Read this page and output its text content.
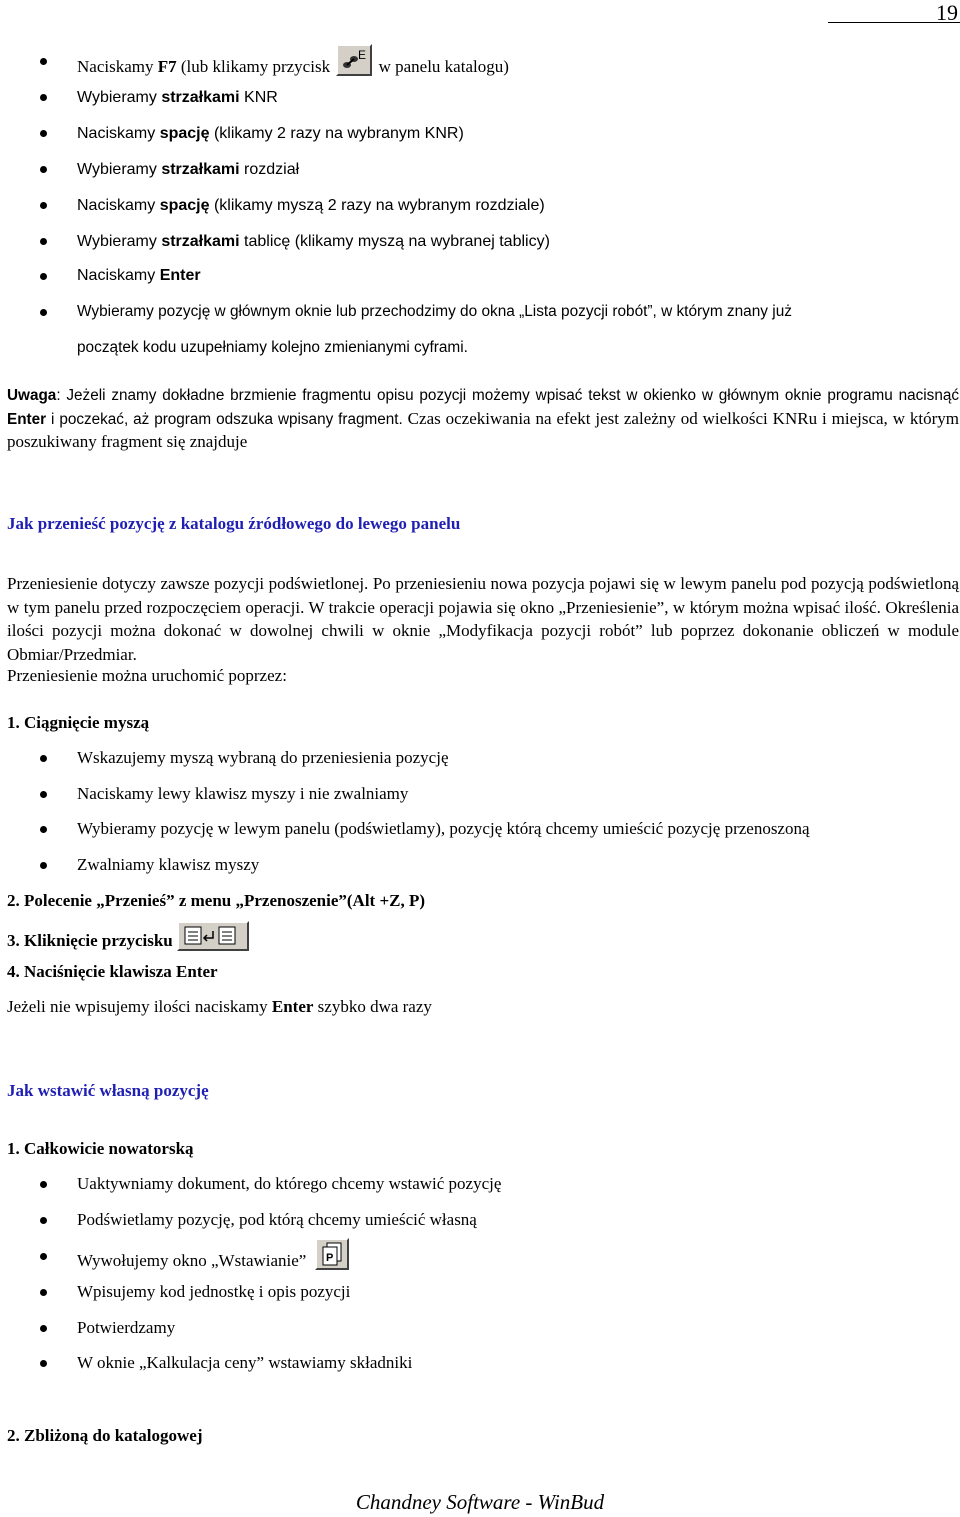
19
Naciskamy F7 (lub klikamy przycisk
E
w panelu katalogu)
Wybieramy strzałkami KNR
Naciskamy spację (klikamy 2 razy na wybranym KNR)
Wybieramy strzałkami rozdział
Naciskamy spację (klikamy myszą 2 razy na wybranym rozdziale)
Wybieramy strzałkami tablicę (klikamy myszą na wybranej tablicy)
Naciskamy Enter
Wybieramy pozycję w głównym oknie lub przechodzimy do okna „Lista pozycji robót”, w którym znany już
początek kodu uzupełniamy kolejno zmienianymi cyframi.
Uwaga: Jeżeli znamy dokładne brzmienie fragmentu opisu pozycji możemy wpisać tekst w okienko w głównym oknie programu nacisnąć Enter i poczekać, aż program odszuka wpisany fragment. Czas oczekiwania na efekt jest zależny od wielkości KNRu i miejsca, w którym poszukiwany fragment się znajduje
Jak przenieść pozycję z katalogu źródłowego do lewego panelu
Przeniesienie dotyczy zawsze pozycji podświetlonej. Po przeniesieniu nowa pozycja pojawi się w lewym panelu pod pozycją podświetloną w tym panelu przed rozpoczęciem operacji. W trakcie operacji pojawia się okno „Przeniesienie”, w którym można wpisać ilość. Określenia ilości pozycji można dokonać w dowolnej chwili w oknie „Modyfikacja pozycji robót” lub poprzez dokonanie obliczeń w module Obmiar/Przedmiar.
Przeniesienie można uruchomić poprzez:
1. Ciągnięcie myszą
Wskazujemy myszą wybraną do przeniesienia pozycję
Naciskamy lewy klawisz myszy i nie zwalniamy
Wybieramy pozycję w lewym panelu (podświetlamy), pozycję którą chcemy umieścić pozycję przenoszoną
Zwalniamy klawisz myszy
2. Polecenie „Przenieś” z menu „Przenoszenie”(Alt +Z, P)
3. Kliknięcie przycisku
4. Naciśnięcie klawisza Enter
Jeżeli nie wpisujemy ilości naciskamy Enter szybko dwa razy
Jak wstawić własną pozycję
1. Całkowicie nowatorską
Uaktywniamy dokument, do którego chcemy wstawić pozycję
Podświetlamy pozycję, pod którą chcemy umieścić własną
Wywołujemy okno „Wstawianie” P
Wpisujemy kod jednostkę i opis pozycji
Potwierdzamy
W oknie „Kalkulacja ceny” wstawiamy składniki
2. Zbliżoną do katalogowej
Chandney Software - WinBud
